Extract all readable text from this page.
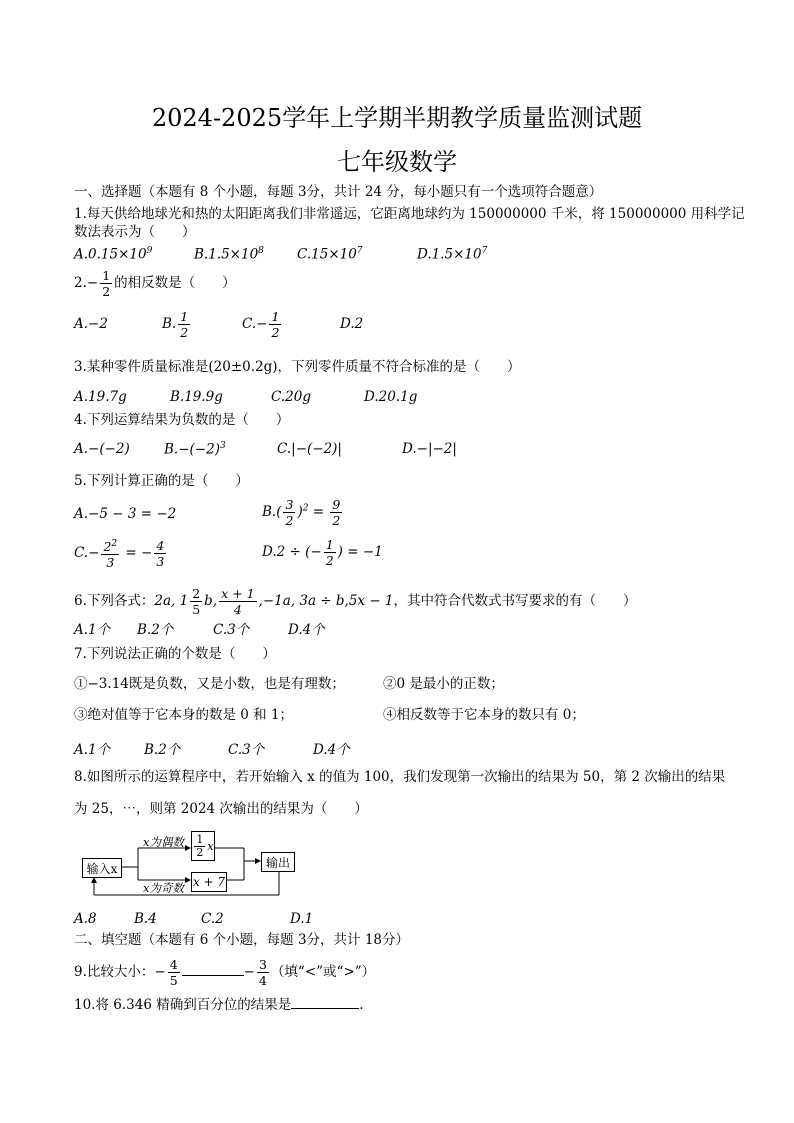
2024-2025学年上学期半期教学质量监测试题
七年级数学
一、选择题（本题有 8 个小题，每题 3分，共计 24 分，每小题只有一个选项符合题意）
1.每天供给地球光和热的太阳距离我们非常遥远，它距离地球约为 150000000 千米，将 150000000 用科学记
数法表示为（　　）
$A.0.15\times 10^9$	$B.1.5\times 10^8$ $C.15\times 10^7$	$D.1.5\times 10^7$
$2.- \frac{1}{2}$ 的相反数是（　　）
A.−2	B. $\frac{1}{2}$	$C.- \frac{1}{2}$	D.2
3.某种零件质量标准是(20±0.2g)，下列零件质量不符合标准的是（　　）
A.19.7g	B.19.9g	C.20g	D.20.1g
4.下列运算结果为负数的是（　　）
A.−(−2)	$B.-(-2)^3$	C.|−(−2)|	D.−|−2|
5.下列计算正确的是（　　）
A.−5 − 3 = −2	$B.( \frac{3}{2} )^2 = \frac{9}{2}$
$C.- \frac{2^2}{3}$ = − $\frac{4}{3}$	D.2 ÷ (− $\frac{1}{2}$ ) = −1
6.下列各式：2a, $1 \frac{2}{5} b$, $\frac{x + 1}{4} ,-1a$, 3a ÷ b,5x − 1，其中符合代数式书写要求的有（　　）
A.1个 B.2个	C.3个	D.4个
7.下列说法正确的个数是（　　）
①−3.14既是负数，又是小数，也是有理数；	②0 是最小的正数；
③绝对值等于它本身的数是 0 和 1；	④相反数等于它本身的数只有 0；
A.1个	B.2个	C.3个	D.4个
8.如图所示的运算程序中，若开始输入 x 的值为 100，我们发现第一次输出的结果为 50，第 2 次输出的结果
为 25，⋯，则第 2024 次输出的结果为（　　）
输入x
x为偶数 $\frac{1}{2}$ x
x为奇数 x + 7
输出
A.8	B.4	C.2	D.1
二、填空题（本题有 6 个小题，每题 3分，共计 18分）
9.比较大小：− $\frac{4}{5}$	− $\frac{3}{4}$ （填“<”或“>”）
10.将 6.346 精确到百分位的结果是	.
